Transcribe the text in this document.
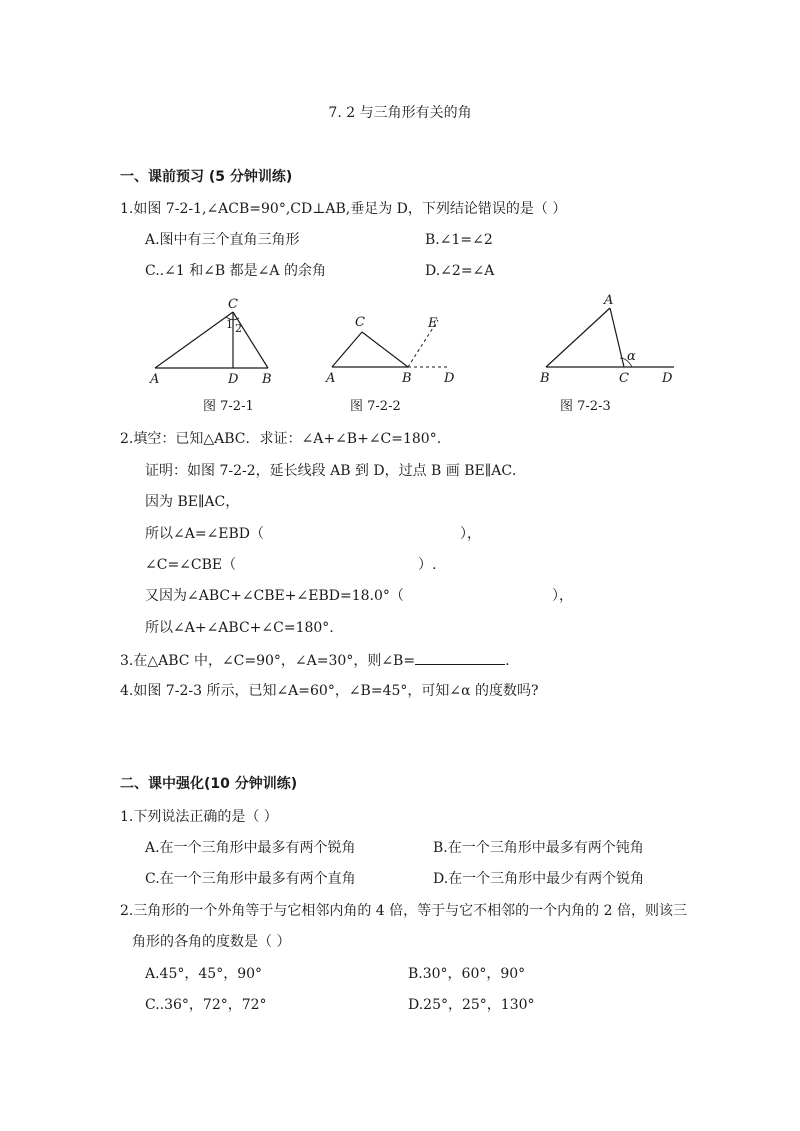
7. 2 与三角形有关的角
一、课前预习 (5 分钟训练)
1.如图 7-2-1,∠ACB=90°,CD⊥AB,垂足为 D，下列结论错误的是（ ）
A.图中有三个直角三角形	B.∠1=∠2
C..∠1 和∠B 都是∠A 的余角	D.∠2=∠A
C
1 2
A	D B
图 7-2-1
C	E
A	B D
图 7-2-2
A
α
B	C	D
图 7-2-3
2.填空：已知△ABC．求证：∠A+∠B+∠C=180°.
证明：如图 7-2-2，延长线段 AB 到 D，过点 B 画 BE∥AC．
因为 BE∥AC，
所以∠A=∠EBD（	），
∠C=∠CBE（	）.
又因为∠ABC+∠CBE+∠EBD=18.0°（	），
所以∠A+∠ABC+∠C=180°.
3.在△ABC 中，∠C=90°，∠A=30°，则∠B=	.
4.如图 7-2-3 所示，已知∠A=60°，∠B=45°，可知∠α 的度数吗?
二、课中强化(10 分钟训练)
1.下列说法正确的是（ ）
A.在一个三角形中最多有两个锐角	B.在一个三角形中最多有两个钝角
C.在一个三角形中最多有两个直角	D.在一个三角形中最少有两个锐角
2.三角形的一个外角等于与它相邻内角的 4 倍，等于与它不相邻的一个内角的 2 倍，则该三
角形的各角的度数是（ ）
A.45°，45°，90°	B.30°，60°，90°
C..36°，72°，72°	D.25°，25°，130°
